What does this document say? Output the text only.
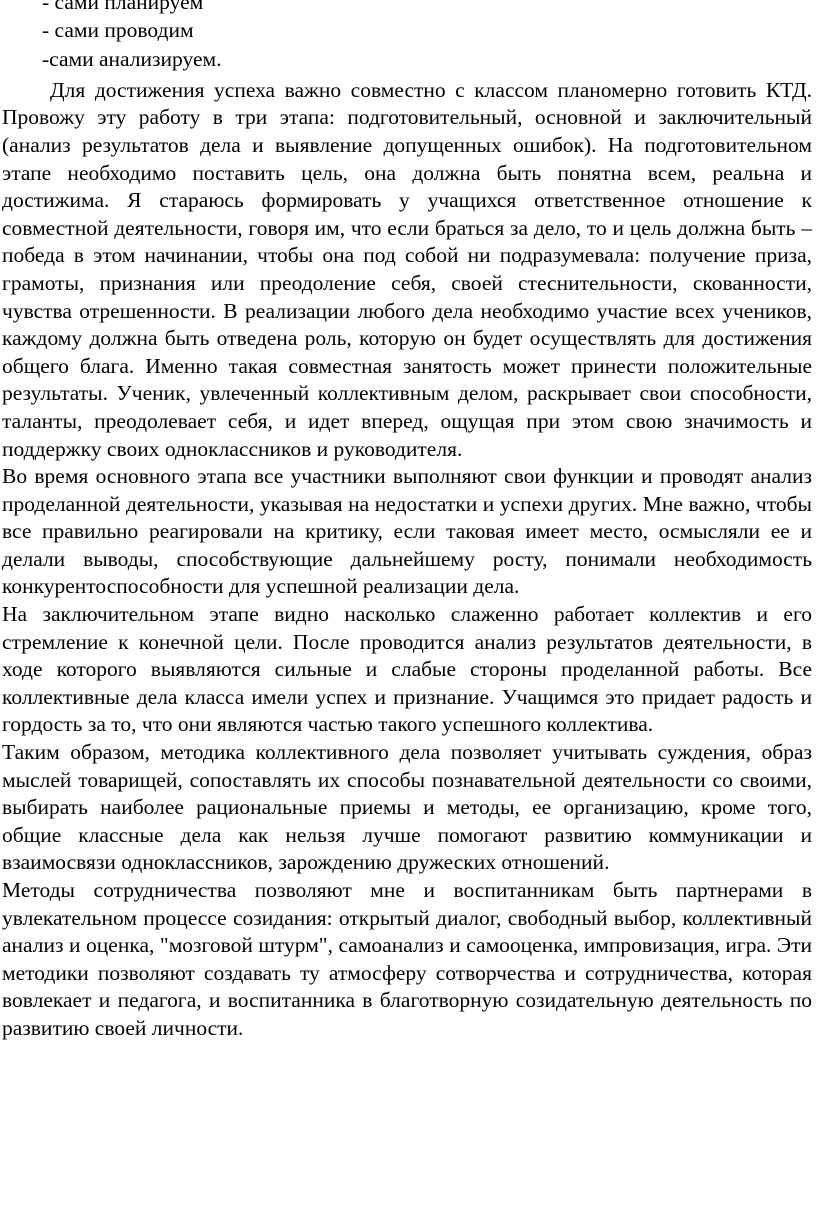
- сами планируем

- сами проводим

-сами анализируем.

Для достижения успеха важно совместно с классом планомерно готовить КТД. Провожу эту работу в три этапа: подготовительный, основной и заключительный (анализ результатов дела и выявление допущенных ошибок). На подготовительном этапе необходимо поставить цель, она должна быть понятна всем, реальна и достижима. Я стараюсь формировать у учащихся ответственное отношение к совместной деятельности, говоря им, что если браться за дело, то и цель должна быть – победа в этом начинании, чтобы она под собой ни подразумевала: получение приза, грамоты, признания или преодоление себя, своей стеснительности, скованности, чувства отрешенности. В реализации любого дела необходимо участие всех учеников, каждому должна быть отведена роль, которую он будет осуществлять для достижения общего блага. Именно такая совместная занятость может принести положительные результаты. Ученик, увлеченный коллективным делом, раскрывает свои способности, таланты, преодолевает себя, и идет вперед, ощущая при этом свою значимость и поддержку своих одноклассников и руководителя.

Во время основного этапа все участники выполняют свои функции и проводят анализ проделанной деятельности, указывая на недостатки и успехи других. Мне важно, чтобы все правильно реагировали на критику, если таковая имеет место, осмысляли ее и делали выводы, способствующие дальнейшему росту, понимали необходимость конкурентоспособности для успешной реализации дела.

На заключительном этапе видно насколько слаженно работает коллектив и его стремление к конечной цели. После проводится анализ результатов деятельности, в ходе которого выявляются сильные и слабые стороны проделанной работы. Все коллективные дела класса имели успех и признание. Учащимся это придает радость и гордость за то, что они являются частью такого успешного коллектива.

Таким образом, методика коллективного дела позволяет учитывать суждения, образ мыслей товарищей, сопоставлять их способы познавательной деятельности со своими, выбирать наиболее рациональные приемы и методы, ее организацию, кроме того, общие классные дела как нельзя лучше помогают развитию коммуникации и взаимосвязи одноклассников, зарождению дружеских отношений.

Методы сотрудничества позволяют мне и воспитанникам быть партнерами в увлекательном процессе созидания: открытый диалог, свободный выбор, коллективный анализ и оценка, "мозговой штурм", самоанализ и самооценка, импровизация, игра. Эти методики позволяют создавать ту атмосферу сотворчества и сотрудничества, которая вовлекает и педагога, и воспитанника в благотворную созидательную деятельность по развитию своей личности.
